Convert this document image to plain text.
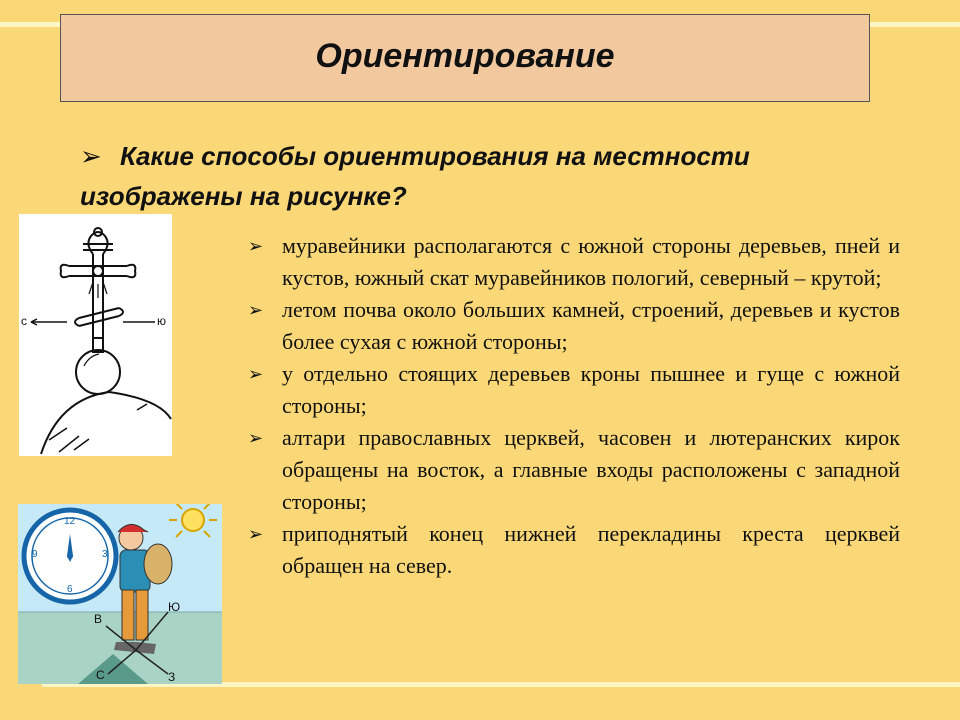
Ориентирование
➢ Какие способы ориентирования на местности изображены на рисунке?
➢ муравейники располагаются с южной стороны деревьев, пней и кустов, южный скат муравейников пологий, северный – крутой;
➢ летом почва около больших камней, строений, деревьев и кустов более сухая с южной стороны;
➢ у отдельно стоящих деревьев кроны пышнее и гуще с южной стороны;
➢ алтари православных церквей, часовен и лютеранских кирок обращены на восток, а главные входы расположены с западной стороны;
➢ приподнятый конец нижней перекладины креста церквей обращен на север.
с	ю
12
3
6
9
В
Ю
С	З
